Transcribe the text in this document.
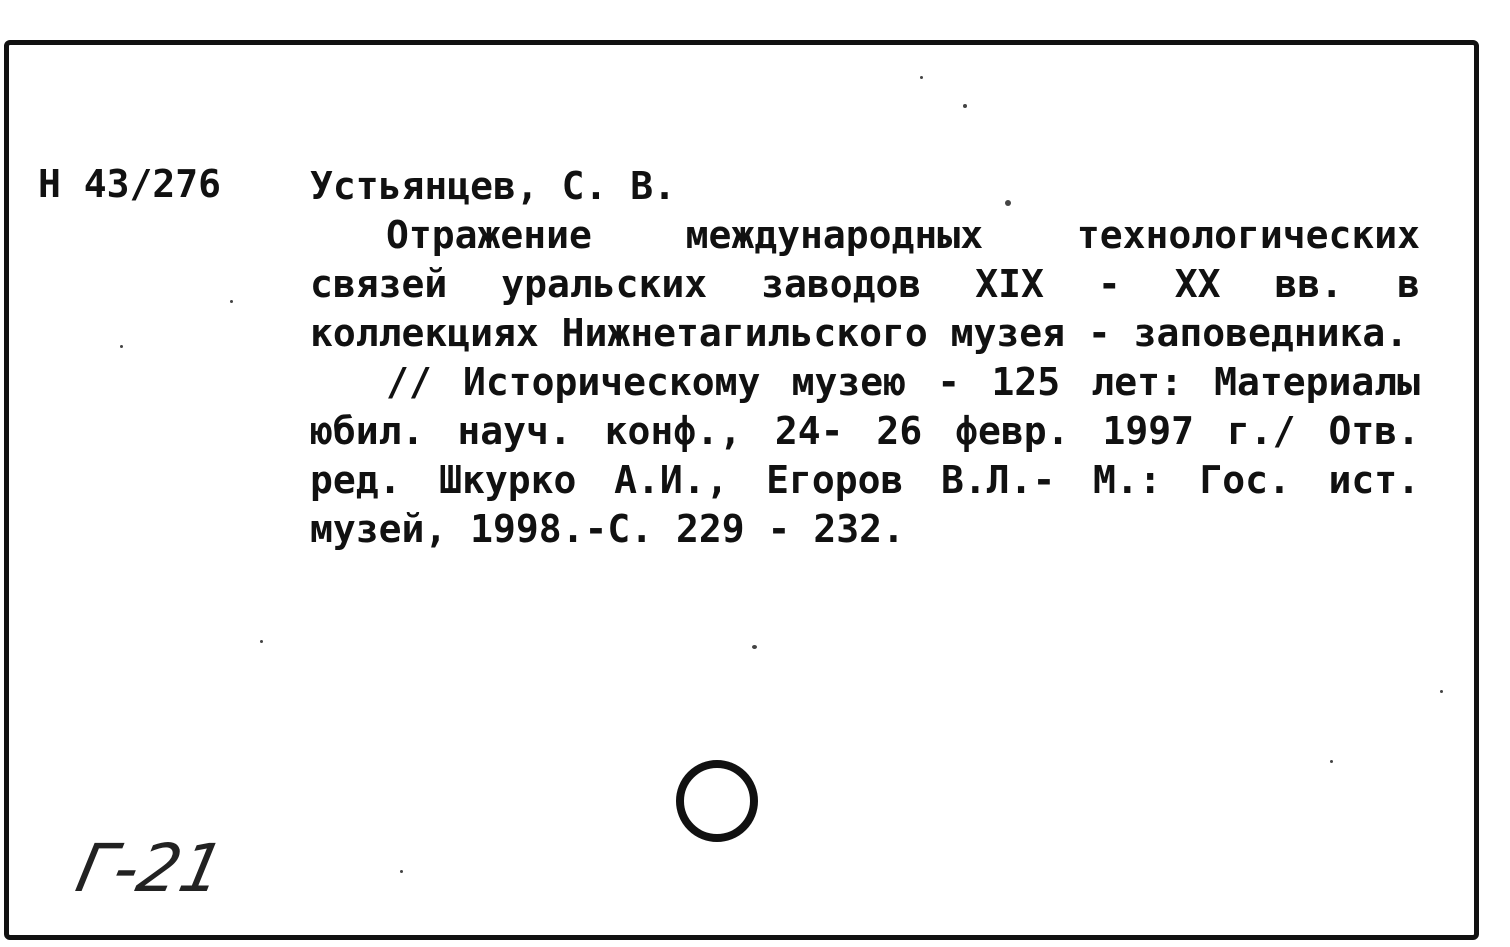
Н 43/276 Устьянцев, С. В.
Отражение международных технологических связей уральских заводов XIX - XX вв. в коллекциях Нижнетагильского музея - заповедника.
// Историческому музею - 125 лет: Материалы юбил. науч. конф., 24- 26 февр. 1997 г./ Отв. ред. Шкурко А.И., Егоров В.Л.- М.: Гос. ист. музей, 1998.-С. 229 - 232.
Г-21
